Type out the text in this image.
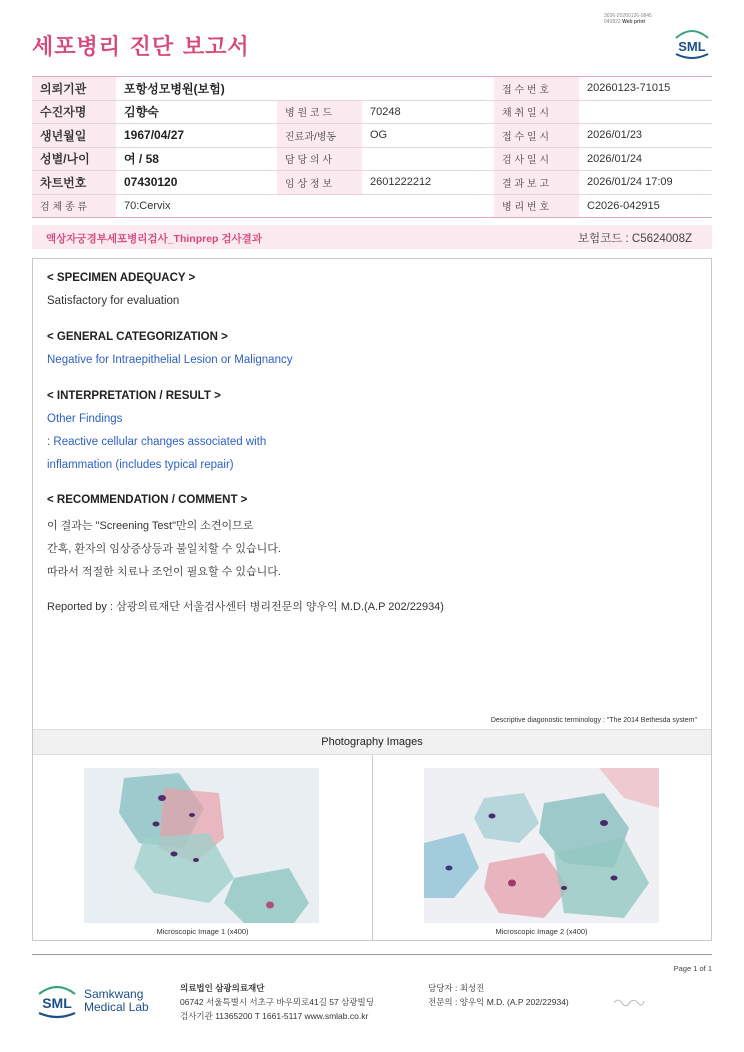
세포병리 진단 보고서
3036-20260126-0845
040822 Web print
SML
의뢰기관	포항성모병원(보험)			접 수 번 호	20260123-71015
수진자명	김향숙	병 원 코 드	70248	채 취 일 시	
생년월일	1967/04/27	진료과/병동	OG	접 수 일 시	2026/01/23
성별/나이	여 / 58	담 당 의 사		검 사 일 시	2026/01/24
차트번호	07430120	임 상 정 보	2601222212	결 과 보 고	2026/01/24 17:09
검 체 종 류	70:Cervix			병 리 번 호	C2026-042915
액상자궁경부세포병리검사_Thinprep 검사결과	보험코드 : C5624008Z
< SPECIMEN ADEQUACY >
Satisfactory for evaluation
< GENERAL CATEGORIZATION >
Negative for Intraepithelial Lesion or Malignancy
< INTERPRETATION / RESULT >
Other Findings
: Reactive cellular changes associated with
inflammation (includes typical repair)
< RECOMMENDATION / COMMENT >
이 결과는 "Screening Test"만의 소견이므로
간혹, 환자의 임상증상등과 불일치할 수 있습니다.
따라서 적절한 치료나 조언이 필요할 수 있습니다.
Reported by : 삼광의료재단 서울검사센터 병리전문의 양우익 M.D.(A.P 202/22934)
Descriptive diagonostic terminology : "The 2014 Bethesda system"
Photography Images
Microscopic Image 1 (x400)	Microscopic Image 2 (x400)
Page 1 of 1
SML
Samkwang
Medical Lab
의료법인 삼광의료재단
06742 서울특별시 서초구 바우뫼로41길 57 삼광빌딩
검사기관 11365200 T 1661-5117 www.smlab.co.kr
담당자 : 최성진
전문의 : 양우익 M.D. (A.P 202/22934)
